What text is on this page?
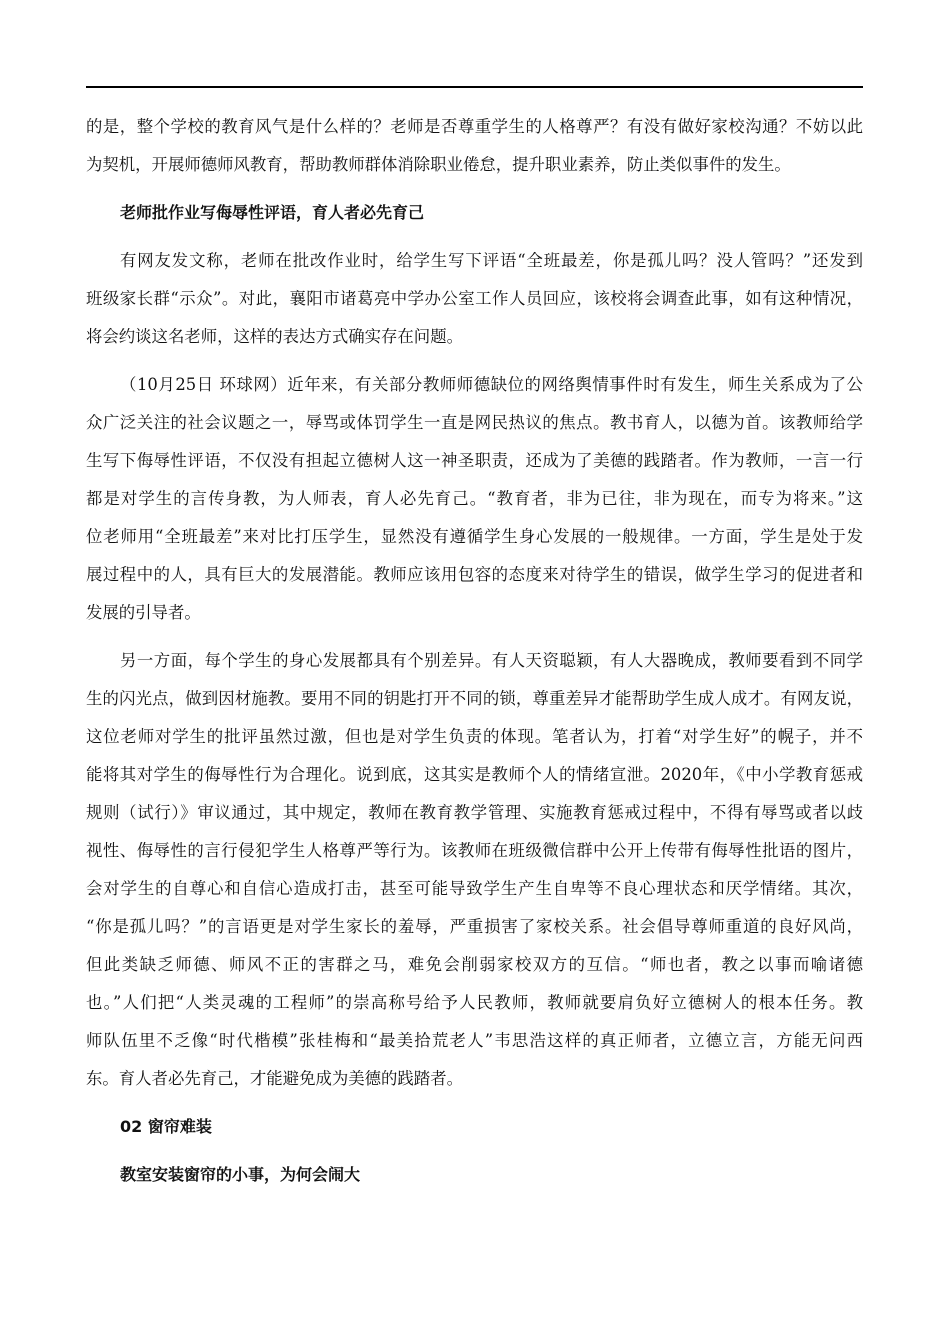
的是，整个学校的教育风气是什么样的？老师是否尊重学生的人格尊严？有没有做好家校沟通？不妨以此
为契机，开展师德师风教育，帮助教师群体消除职业倦怠，提升职业素养，防止类似事件的发生。
老师批作业写侮辱性评语，育人者必先育己
有网友发文称，老师在批改作业时，给学生写下评语“全班最差，你是孤儿吗？没人管吗？”还发到
班级家长群“示众”。对此，襄阳市诸葛亮中学办公室工作人员回应，该校将会调查此事，如有这种情况，
将会约谈这名老师，这样的表达方式确实存在问题。
（10月25日 环球网）近年来，有关部分教师师德缺位的网络舆情事件时有发生，师生关系成为了公
众广泛关注的社会议题之一，辱骂或体罚学生一直是网民热议的焦点。教书育人，以德为首。该教师给学
生写下侮辱性评语，不仅没有担起立德树人这一神圣职责，还成为了美德的践踏者。作为教师，一言一行
都是对学生的言传身教，为人师表，育人必先育己。“教育者，非为已往，非为现在，而专为将来。”这
位老师用“全班最差”来对比打压学生，显然没有遵循学生身心发展的一般规律。一方面，学生是处于发
展过程中的人，具有巨大的发展潜能。教师应该用包容的态度来对待学生的错误，做学生学习的促进者和
发展的引导者。
另一方面，每个学生的身心发展都具有个别差异。有人天资聪颖，有人大器晚成，教师要看到不同学
生的闪光点，做到因材施教。要用不同的钥匙打开不同的锁，尊重差异才能帮助学生成人成才。有网友说，
这位老师对学生的批评虽然过激，但也是对学生负责的体现。笔者认为，打着“对学生好”的幌子，并不
能将其对学生的侮辱性行为合理化。说到底，这其实是教师个人的情绪宣泄。2020年，《中小学教育惩戒
规则（试行）》审议通过，其中规定，教师在教育教学管理、实施教育惩戒过程中，不得有辱骂或者以歧
视性、侮辱性的言行侵犯学生人格尊严等行为。该教师在班级微信群中公开上传带有侮辱性批语的图片，
会对学生的自尊心和自信心造成打击，甚至可能导致学生产生自卑等不良心理状态和厌学情绪。其次，
“你是孤儿吗？”的言语更是对学生家长的羞辱，严重损害了家校关系。社会倡导尊师重道的良好风尚，
但此类缺乏师德、师风不正的害群之马，难免会削弱家校双方的互信。“师也者，教之以事而喻诸德
也。”人们把“人类灵魂的工程师”的崇高称号给予人民教师，教师就要肩负好立德树人的根本任务。教
师队伍里不乏像“时代楷模”张桂梅和“最美拾荒老人”韦思浩这样的真正师者，立德立言，方能无问西
东。育人者必先育己，才能避免成为美德的践踏者。
02 窗帘难装
教室安装窗帘的小事，为何会闹大
